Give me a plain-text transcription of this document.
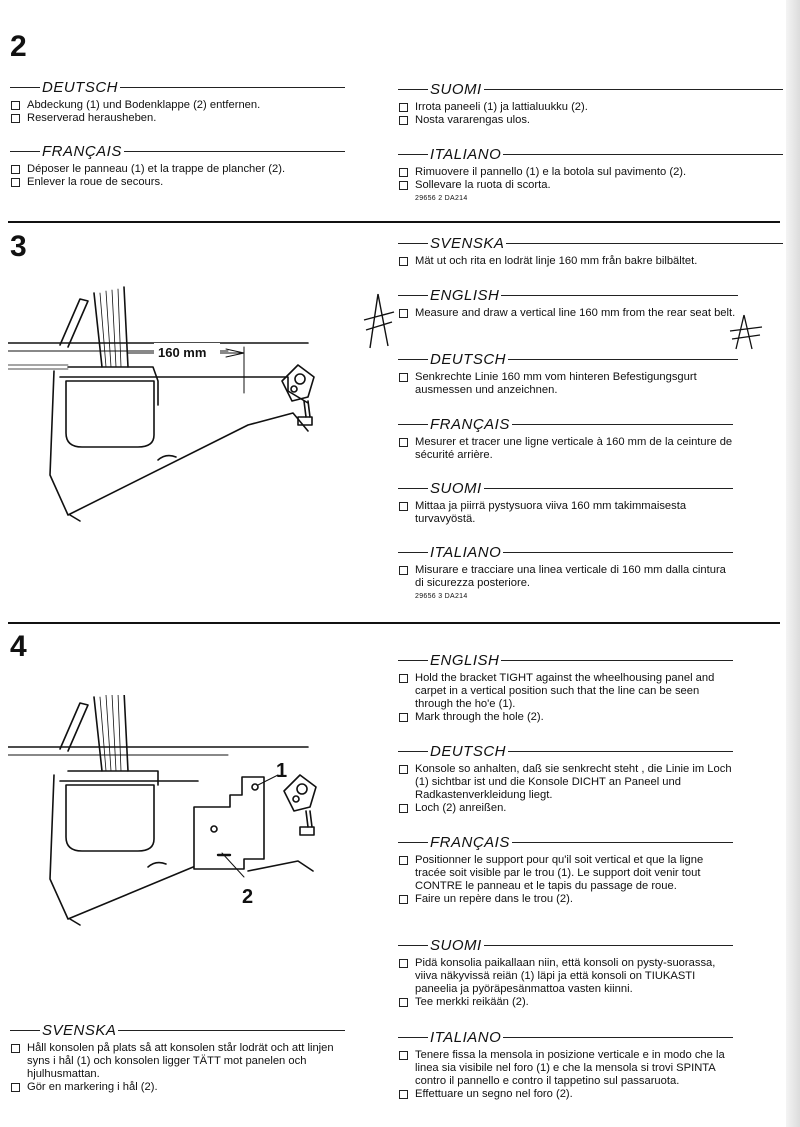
2
DEUTSCH
Abdeckung (1) und Bodenklappe (2) entfernen.
Reserverad herausheben.
FRANÇAIS
Déposer le panneau (1) et la trappe de plancher (2).
Enlever la roue de secours.
SUOMI
Irrota paneeli (1) ja lattialuukku (2).
Nosta vararengas ulos.
ITALIANO
Rimuovere il pannello (1) e la botola sul pavimento (2).
Sollevare la ruota di scorta.
29656 2 DA214
3
160 mm
SVENSKA
Mät ut och rita en lodrät linje 160 mm från bakre bilbältet.
ENGLISH
Measure and draw a vertical line 160 mm from the rear seat belt.
DEUTSCH
Senkrechte Linie 160 mm vom hinteren Befestigungsgurt ausmessen und anzeichnen.
FRANÇAIS
Mesurer et tracer une ligne verticale à 160 mm de la ceinture de sécurité arrière.
SUOMI
Mittaa ja piirrä pystysuora viiva 160 mm takimmaisesta turvavyöstä.
ITALIANO
Misurare e tracciare una linea verticale di 160 mm dalla cintura di sicurezza posteriore.
29656 3 DA214
4
1
2
ENGLISH
Hold the bracket TIGHT against the wheelhousing panel and carpet in a vertical position such that the line can be seen through the ho'e (1).
Mark through the hole (2).
DEUTSCH
Konsole so anhalten, daß sie senkrecht steht , die Linie im Loch (1) sichtbar ist und die Konsole DICHT an Paneel und Radkastenverkleidung liegt.
Loch (2) anreißen.
FRANÇAIS
Positionner le support pour qu'il soit vertical et que la ligne tracée soit visible par le trou (1). Le support doit venir tout CONTRE le panneau et le tapis du passage de roue.
Faire un repère dans le trou (2).
SUOMI
Pidä konsolia paikallaan niin, että konsoli on pysty-suorassa, viiva näkyvissä reiän (1) läpi ja että konsoli on TIUKASTI paneelia ja pyöräpesänmattoa vasten kiinni.
Tee merkki reikään (2).
SVENSKA
Håll konsolen på plats så att konsolen står lodrät och att linjen syns i hål (1) och konsolen ligger TÄTT mot panelen och hjulhusmattan.
Gör en markering i hål (2).
ITALIANO
Tenere fissa la mensola in posizione verticale e in modo che la linea sia visibile nel foro (1) e che la mensola si trovi SPINTA contro il pannello e contro il tappetino sul passaruota.
Effettuare un segno nel foro (2).
